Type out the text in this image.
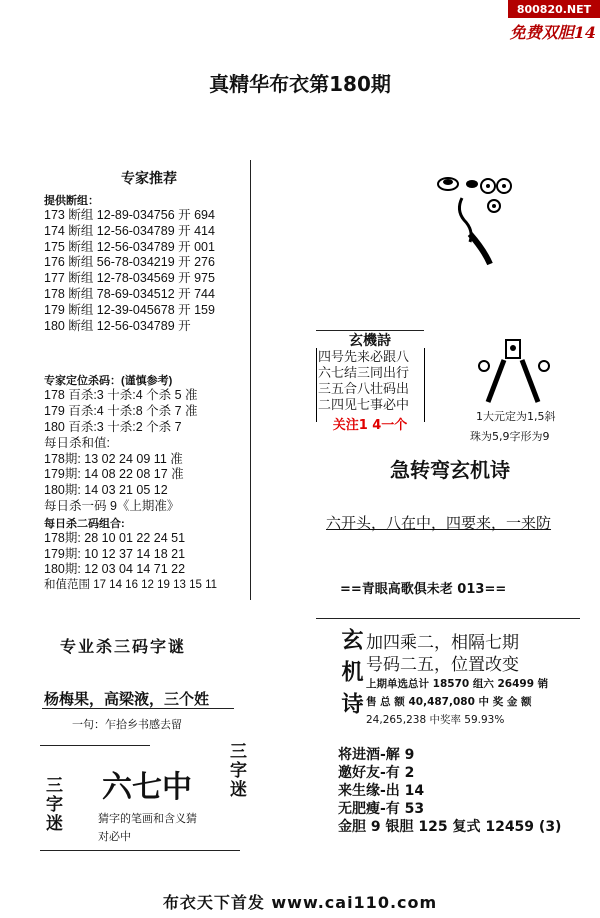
800820.NET
免费双胆14
真精华布衣第180期
专家推荐
提供断组：
173 断组 12-89-034756 开 694
174 断组 12-56-034789 开 414
175 断组 12-56-034789 开 001
176 断组 56-78-034219 开 276
177 断组 12-78-034569 开 975
178 断组 78-69-034512 开 744
179 断组 12-39-045678 开 159
180 断组 12-56-034789 开
专家定位杀码：(谨慎参考)
178 百杀:3 十杀:4 个杀 5 准
179 百杀:4 十杀:8 个杀 7 准
180 百杀:3 十杀:2 个杀 7
每日杀和值:
178期: 13 02 24 09 11 准
179期: 14 08 22 08 17 准
180期: 14 03 21 05 12
每日杀一码 9《上期准》
每日杀二码组合:
178期: 28 10 01 22 24 51
179期: 10 12 37 14 18 21
180期: 12 03 04 14 71 22
和值范围 17 14 16 12 19 13 15 11
专业杀三码字谜
杨梅果，高梁液，三个姓
一句：乍拾乡书感去留
三字迷
三字迷
六七中
猜字的笔画和含义猜
对必中
玄機詩
四号先来必跟八
六七结三同出行
三五合八壮码出
二四见七事必中
关注1 4一个
1大元定为1,5斜
珠为5,9字形为9
急转弯玄机诗
六开头，八在中，四要来，一来防
==青眼高歌俱未老 013==
玄机诗 加四乘二，相隔七期
号码二五，位置改变
上期单选总计 18570 组六 26499 销
售 总 额 40,487,080 中 奖 金 额
24,265,238 中奖率 59.93%
将进酒-解 9
邀好友-有 2
来生缘-出 14
无肥瘦-有 53
金胆 9 银胆 125 复式 12459 (3)
布衣天下首发 www.cai110.com
